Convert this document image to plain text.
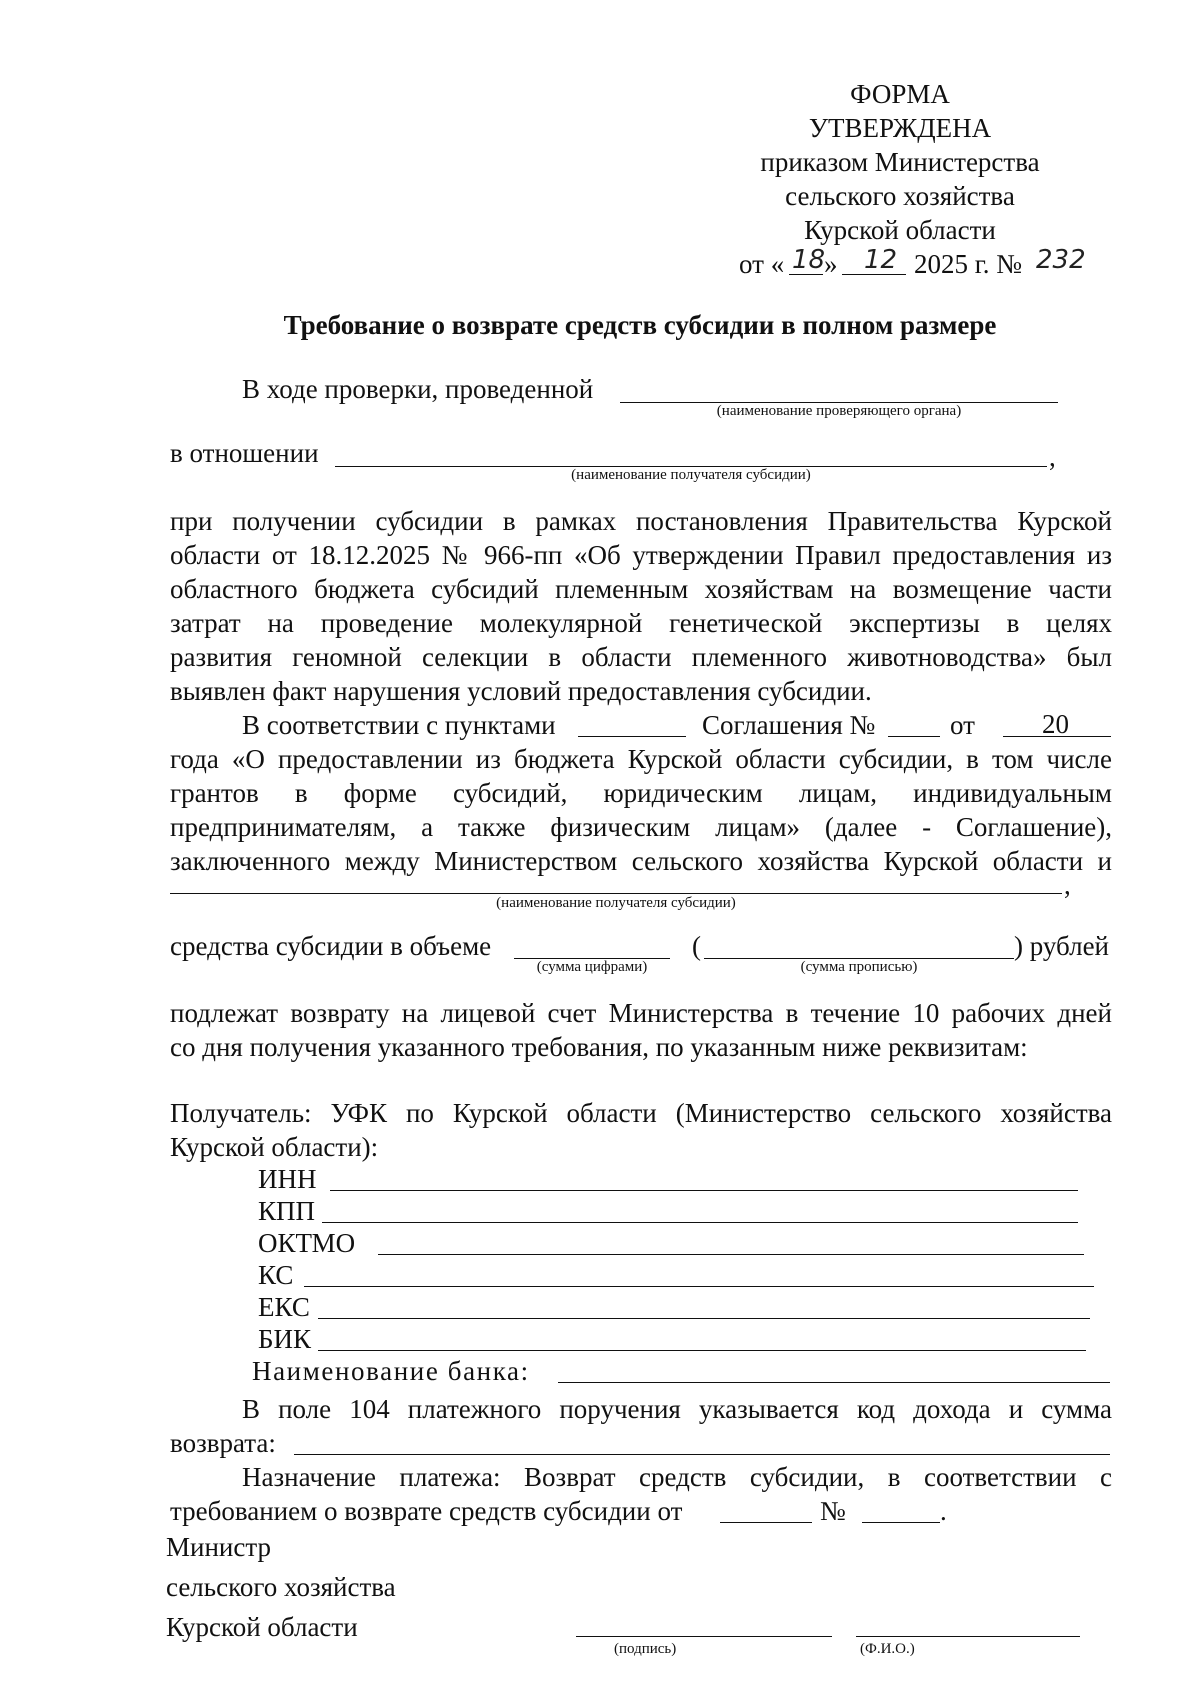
ФОРМА
УТВЕРЖДЕНА
приказом Министерства
сельского хозяйства
Курской области
от « 18
» 12 2025 г. № 232
Требование о возврате средств субсидии в полном размере
В ходе проверки, проведенной
(наименование проверяющего органа)
в отношении	,
(наименование получателя субсидии)
при получении субсидии в рамках постановления Правительства Курской
области от 18.12.2025 № 966-пп «Об утверждении Правил предоставления из
областного бюджета субсидий племенным хозяйствам на возмещение части
затрат на проведение молекулярной генетической экспертизы в целях
развития геномной селекции в области племенного животноводства» был
выявлен факт нарушения условий предоставления субсидии.
В соответствии с пунктами	Соглашения №	от 20
года «О предоставлении из бюджета Курской области субсидии, в том числе
грантов в форме субсидий, юридическим лицам, индивидуальным
предпринимателям, а также физическим лицам» (далее - Соглашение),
заключенного между Министерством сельского хозяйства Курской области и
,
(наименование получателя субсидии)
средства субсидии в объеме
(сумма цифрами)
(
(сумма прописью)
) рублей
подлежат возврату на лицевой счет Министерства в течение 10 рабочих дней
со дня получения указанного требования, по указанным ниже реквизитам:
Получатель: УФК по Курской области (Министерство сельского хозяйства
Курской области):
ИНН
КПП
ОКТМО
КС
ЕКС
БИК
Наименование банка:
В поле 104 платежного поручения указывается код дохода и сумма
возврата:
Назначение платежа: Возврат средств субсидии, в соответствии с
требованием о возврате средств субсидии от	№	.
Министр
сельского хозяйства
Курской области
(подпись)	(Ф.И.О.)
